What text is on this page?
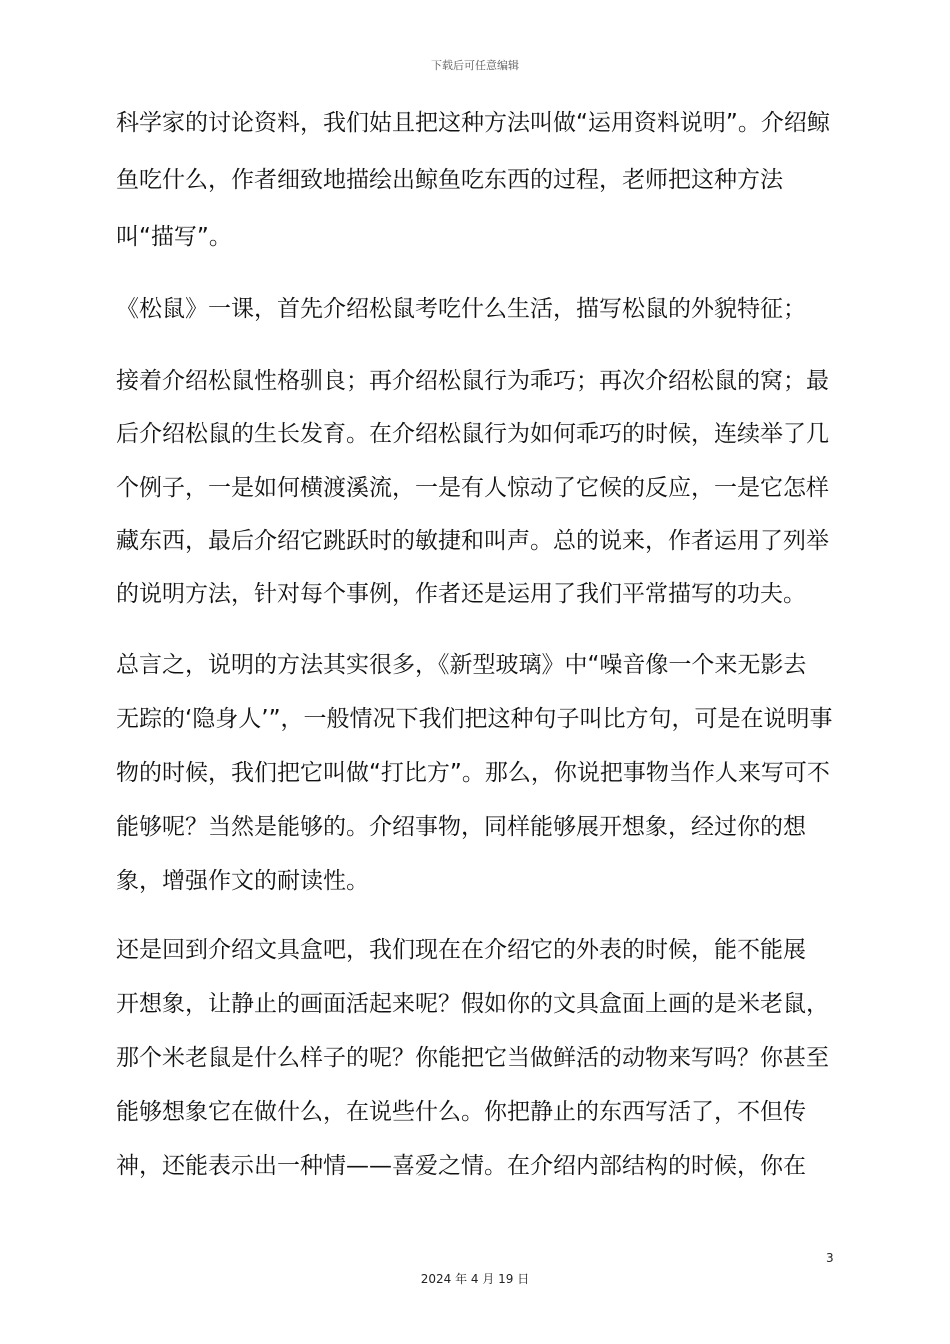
下载后可任意编辑
科学家的讨论资料，我们姑且把这种方法叫做“运用资料说明”。介绍鲸
鱼吃什么，作者细致地描绘出鲸鱼吃东西的过程，老师把这种方法
叫“描写”。
《松鼠》一课，首先介绍松鼠考吃什么生活，描写松鼠的外貌特征；
接着介绍松鼠性格驯良；再介绍松鼠行为乖巧；再次介绍松鼠的窝；最
后介绍松鼠的生长发育。在介绍松鼠行为如何乖巧的时候，连续举了几
个例子，一是如何横渡溪流，一是有人惊动了它候的反应，一是它怎样
藏东西，最后介绍它跳跃时的敏捷和叫声。总的说来，作者运用了列举
的说明方法，针对每个事例，作者还是运用了我们平常描写的功夫。
总言之，说明的方法其实很多，《新型玻璃》中“噪音像一个来无影去
无踪的‘隐身人’”，一般情况下我们把这种句子叫比方句，可是在说明事
物的时候，我们把它叫做“打比方”。那么，你说把事物当作人来写可不
能够呢？当然是能够的。介绍事物，同样能够展开想象，经过你的想
象，增强作文的耐读性。
还是回到介绍文具盒吧，我们现在在介绍它的外表的时候，能不能展
开想象，让静止的画面活起来呢？假如你的文具盒面上画的是米老鼠，
那个米老鼠是什么样子的呢？你能把它当做鲜活的动物来写吗？你甚至
能够想象它在做什么，在说些什么。你把静止的东西写活了，不但传
神，还能表示出一种情——喜爱之情。在介绍内部结构的时候，你在
3
2024 年 4 月 19 日
